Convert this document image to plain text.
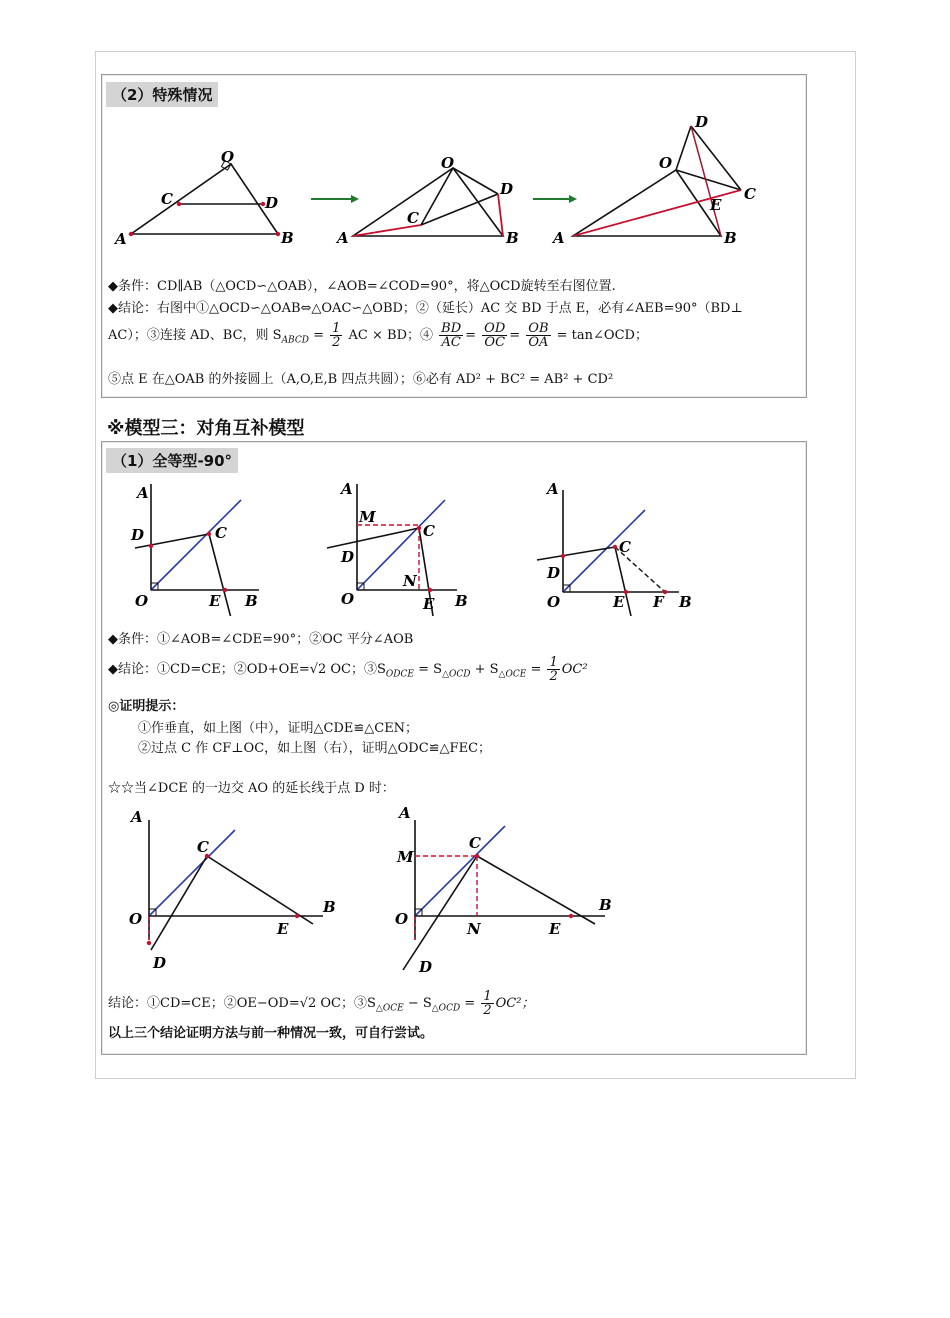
（2）特殊情况
O
C	D
A	B
O
C
D
A	B
O
D
C
E
A	B
◆条件：CD∥AB（△OCD∽△OAB），∠AOB=∠COD=90°，将△OCD旋转至右图位置.
◆结论：右图中①△OCD∽△OAB⇔△OAC∽△OBD；②（延长）AC 交 BD 于点 E，必有∠AEB=90°（BD⊥
AC）；③连接 AD、BC，则 $S_{ABCD} = \frac{1}{2}$ AC × BD；④ $\frac{BD}{AC} = \frac{OD}{OC} = \frac{OB}{OA}$ = tan∠OCD；
⑤点 E 在△OAB 的外接圆上（A,O,E,B 四点共圆）；⑥必有 AD² + BC² = AB² + CD²
※模型三：对角互补模型
（1）全等型-90°
A
D	C
O	E B
A
M
D
C
N
O	E B
A
D
C
O	E F B
◆条件：①∠AOB=∠CDE=90°；②OC 平分∠AOB
◆结论：①CD=CE；②OD+OE=√2 OC；$③S_{ODCE} = S_{\triangle OCD} + S_{\triangle OCE} = \frac{1}{2} OC^2$
◎证明提示：
①作垂直，如上图（中），证明△CDE≌△CEN；
②过点 C 作 CF⊥OC，如上图（右），证明△ODC≌△FEC；
☆☆当∠DCE 的一边交 AO 的延长线于点 D 时：
A
C
O
E
B
D
A
C
M
O
N	E
B
D
结论：①CD=CE；②OE−OD=√2 OC；$③S_{\triangle OCE} - S_{\triangle OCD} = \frac{1}{2} OC^2$；
以上三个结论证明方法与前一种情况一致，可自行尝试。
